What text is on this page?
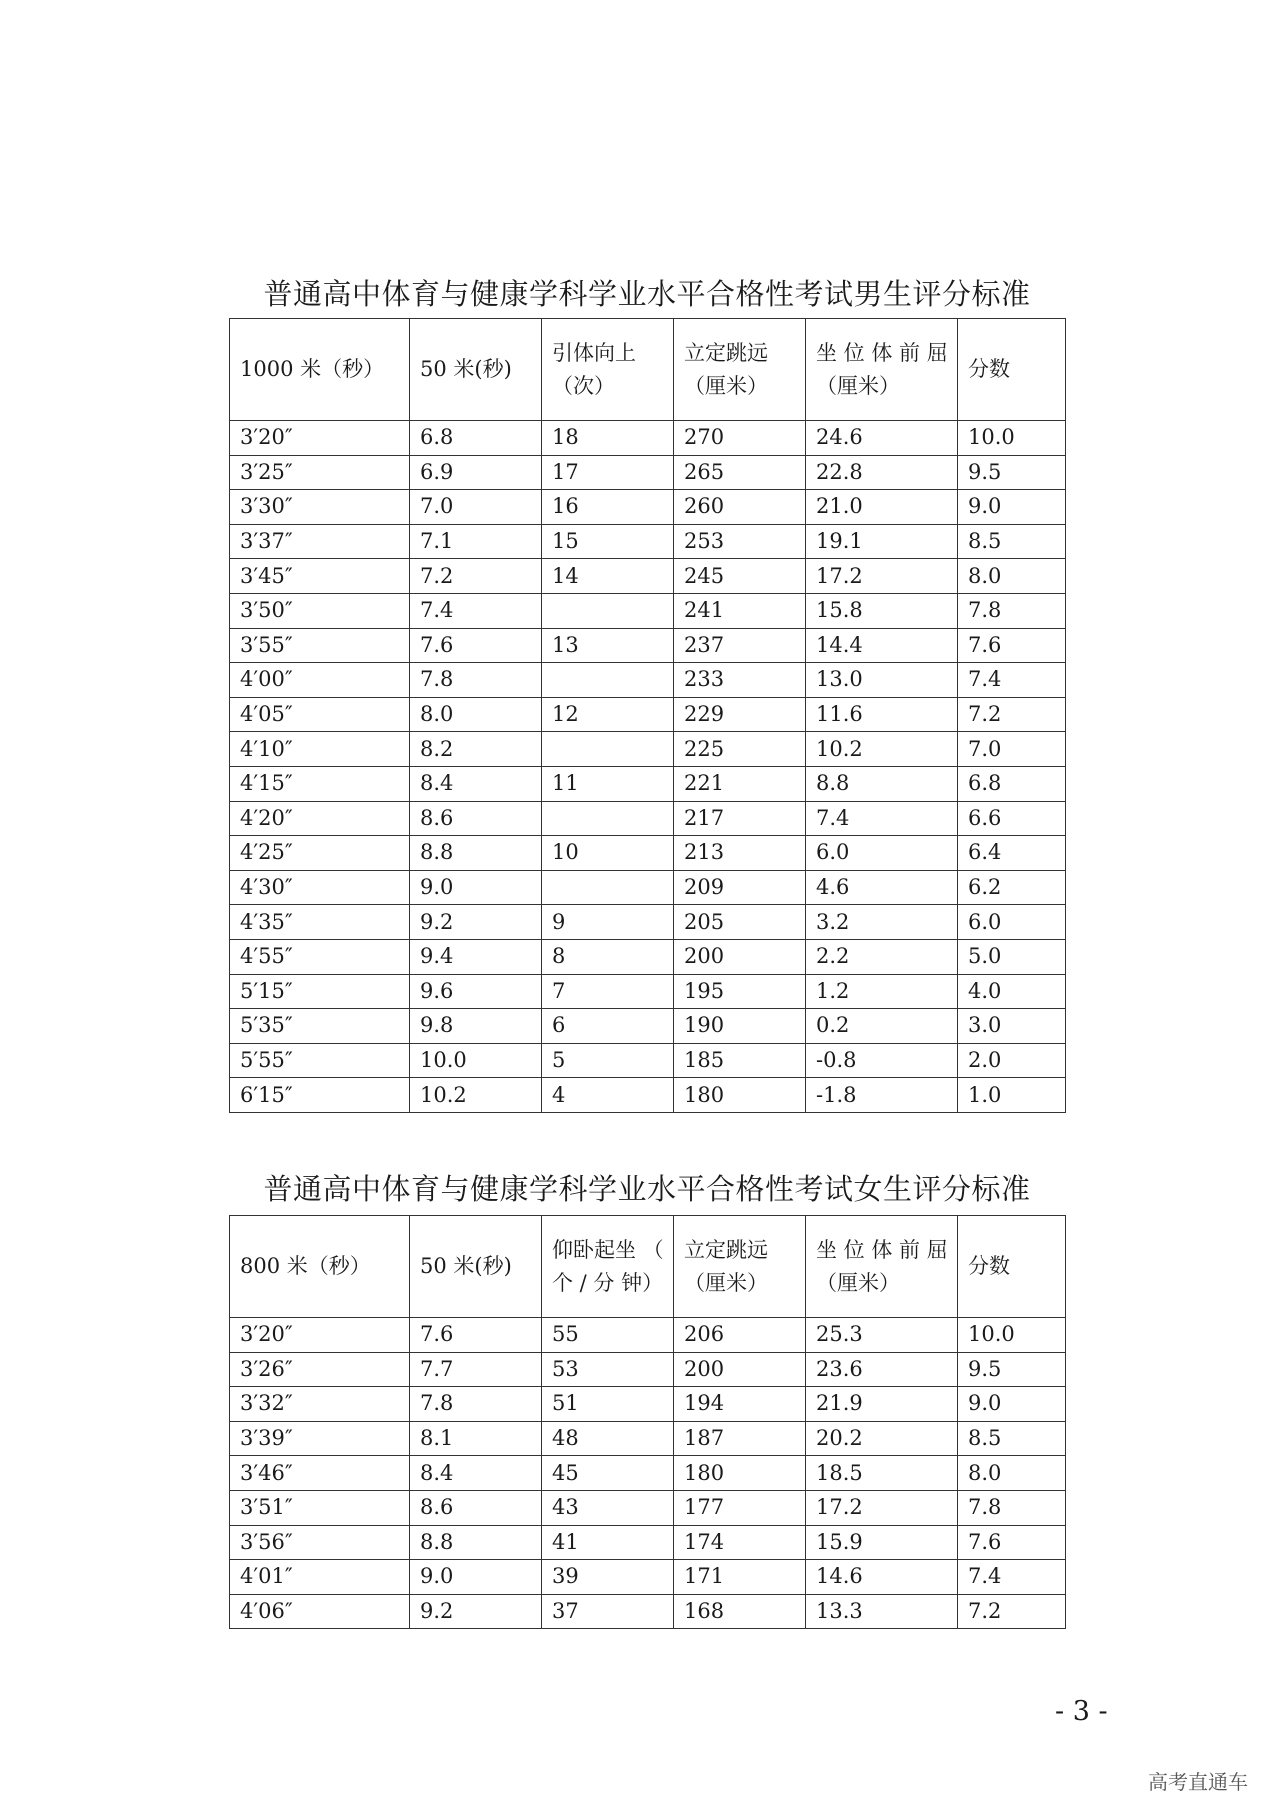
普通高中体育与健康学科学业水平合格性考试男生评分标准
1000 米（秒）	50 米(秒)	引体向上（次）	立定跳远（厘米）	坐 位 体 前 屈 （厘米）	分数
3′20″	6.8	18	270	24.6	10.0
3′25″	6.9	17	265	22.8	9.5
3′30″	7.0	16	260	21.0	9.0
3′37″	7.1	15	253	19.1	8.5
3′45″	7.2	14	245	17.2	8.0
3′50″	7.4		241	15.8	7.8
3′55″	7.6	13	237	14.4	7.6
4′00″	7.8		233	13.0	7.4
4′05″	8.0	12	229	11.6	7.2
4′10″	8.2		225	10.2	7.0
4′15″	8.4	11	221	8.8	6.8
4′20″	8.6		217	7.4	6.6
4′25″	8.8	10	213	6.0	6.4
4′30″	9.0		209	4.6	6.2
4′35″	9.2	9	205	3.2	6.0
4′55″	9.4	8	200	2.2	5.0
5′15″	9.6	7	195	1.2	4.0
5′35″	9.8	6	190	0.2	3.0
5′55″	10.0	5	185	-0.8	2.0
6′15″	10.2	4	180	-1.8	1.0
普通高中体育与健康学科学业水平合格性考试女生评分标准
800 米（秒）	50 米(秒)	仰卧起坐 （ 个 / 分 钟）	立定跳远（厘米）	坐 位 体 前 屈 （厘米）	分数
3′20″	7.6	55	206	25.3	10.0
3′26″	7.7	53	200	23.6	9.5
3′32″	7.8	51	194	21.9	9.0
3′39″	8.1	48	187	20.2	8.5
3′46″	8.4	45	180	18.5	8.0
3′51″	8.6	43	177	17.2	7.8
3′56″	8.8	41	174	15.9	7.6
4′01″	9.0	39	171	14.6	7.4
4′06″	9.2	37	168	13.3	7.2
- 3 -
高考直通车
